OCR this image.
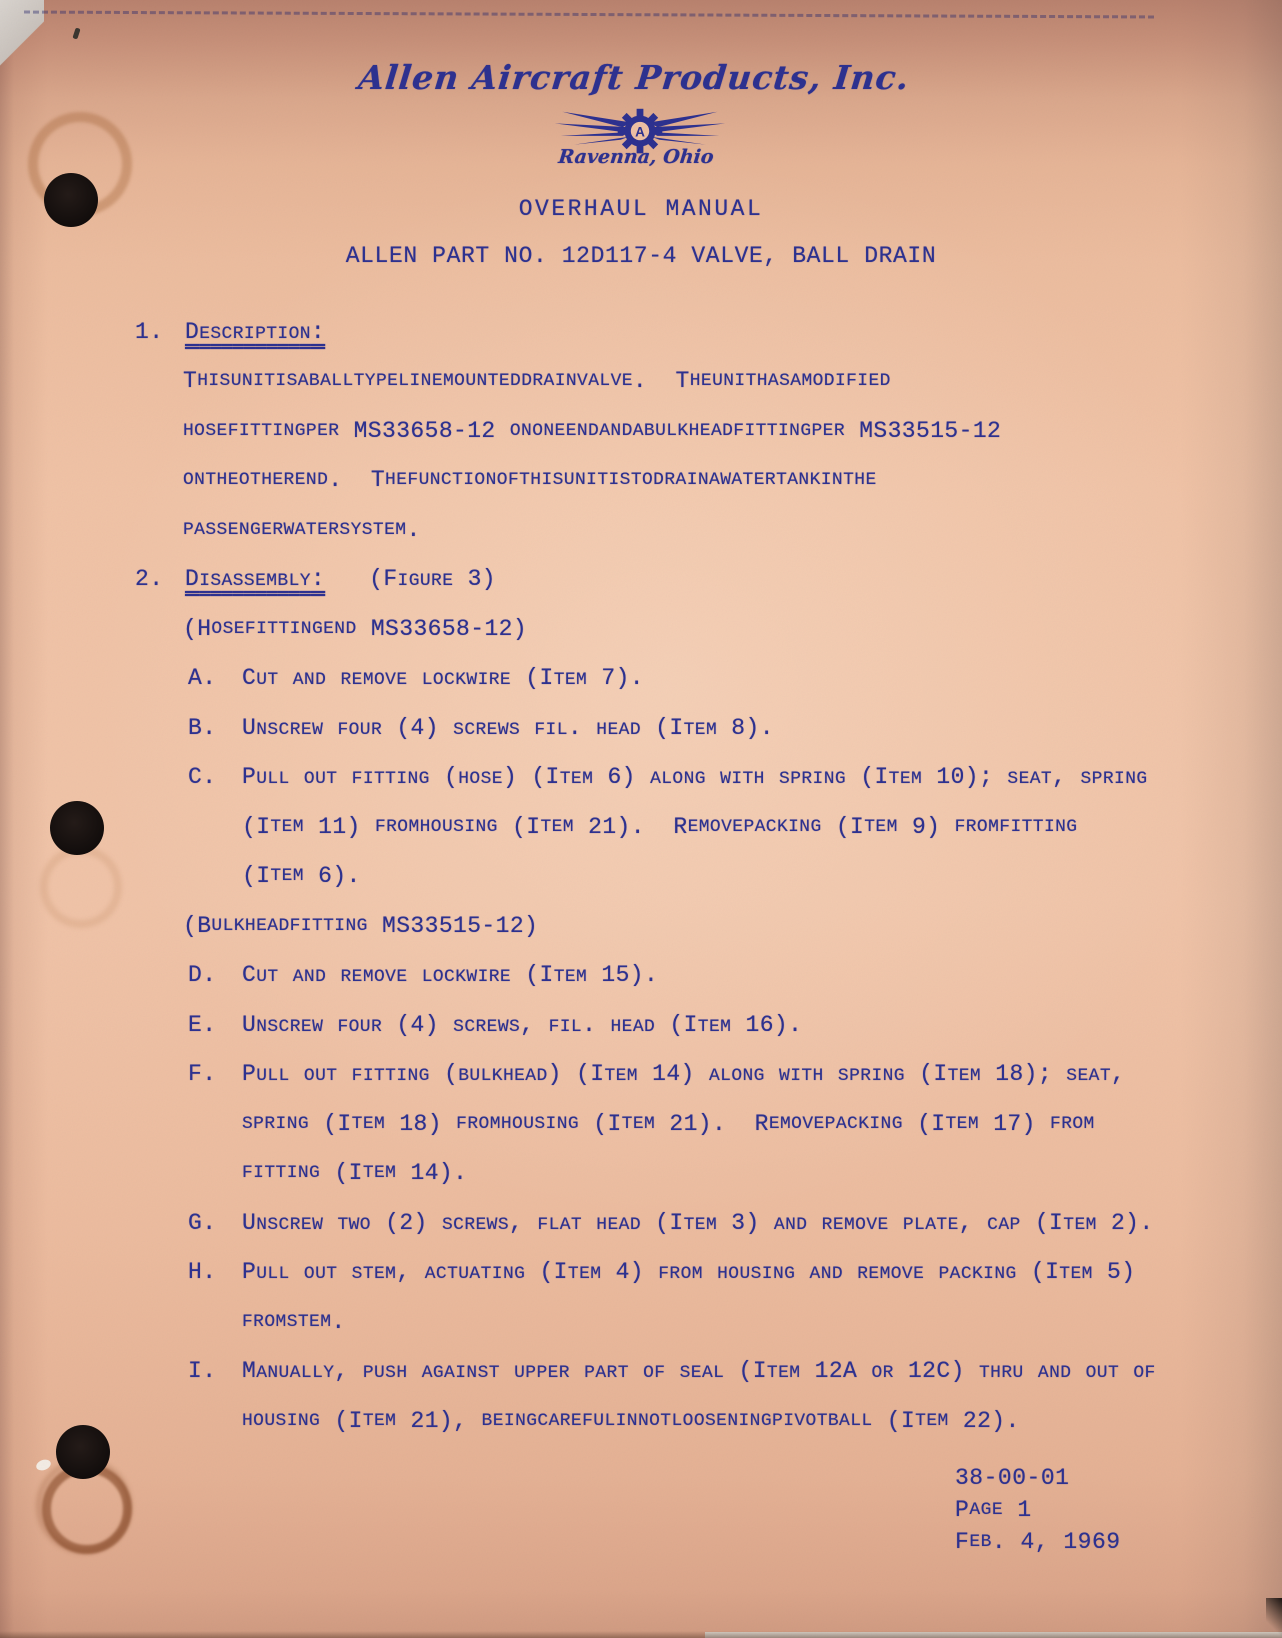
Allen Aircraft Products, Inc.
A
Ravenna, Ohio
OVERHAUL MANUAL
ALLEN PART NO. 12D117-4 VALVE, BALL DRAIN
1. DESCRIPTION:
T H I S U N I T I S A B A L L T Y P E L I N E M O U N T E D D R A I N V A L V E .  T H E U N I T H A S A M O D I F I E D
H O S E F I T T I N G P E R MS33658-12 O N O N E E N D A N D A B U L K H E A D F I T T I N G P E R MS33515-12
O N T H E O T H E R E N D .  T H E F U N C T I O N O F T H I S U N I T I S T O D R A I N A W A T E R T A N K I N T H E
P A S S E N G E R W A T E R S Y S T E M .
2. DISASSEMBLY:	(FIGURE 3)
(H O S E F I T T I N G E N D MS33658-12)
A.	CUT AND REMOVE LOCKWIRE (ITEM 7).
B.	UNSCREW FOUR (4) SCREWS FIL. HEAD (ITEM 8).
C.	PULL OUT FITTING (HOSE) (ITEM 6) ALONG WITH SPRING (ITEM 10); SEAT, SPRING
(I T E M 11) F R O M H O U S I N G (I T E M 21).  R E M O V E P A C K I N G (I T E M 9) F R O M F I T T I N G
(I T E M 6).
(B U L K H E A D F I T T I N G MS33515-12)
D.	CUT AND REMOVE LOCKWIRE (ITEM 15).
E.	UNSCREW FOUR (4) SCREWS, FIL. HEAD (ITEM 16).
F.	PULL OUT FITTING (BULKHEAD) (ITEM 14) ALONG WITH SPRING (ITEM 18); SEAT,
S P R I N G (I T E M 18) F R O M H O U S I N G (I T E M 21).  R E M O V E P A C K I N G (I T E M 17) F R O M
F I T T I N G (I T E M 14).
G.	UNSCREW TWO (2) SCREWS, FLAT HEAD (ITEM 3) AND REMOVE PLATE, CAP (ITEM 2).
H.	PULL OUT STEM, ACTUATING (ITEM 4) FROM HOUSING AND REMOVE PACKING (ITEM 5)
F R O M S T E M .
I.	MANUALLY, PUSH AGAINST UPPER PART OF SEAL (ITEM 12A OR 12C) THRU AND OUT OF
H O U S I N G (I T E M 21), B E I N G C A R E F U L I N N O T L O O S E N I N G P I V O T B A L L (I T E M 22).
38-00-01
P A G E 1
F E B . 4, 1969
